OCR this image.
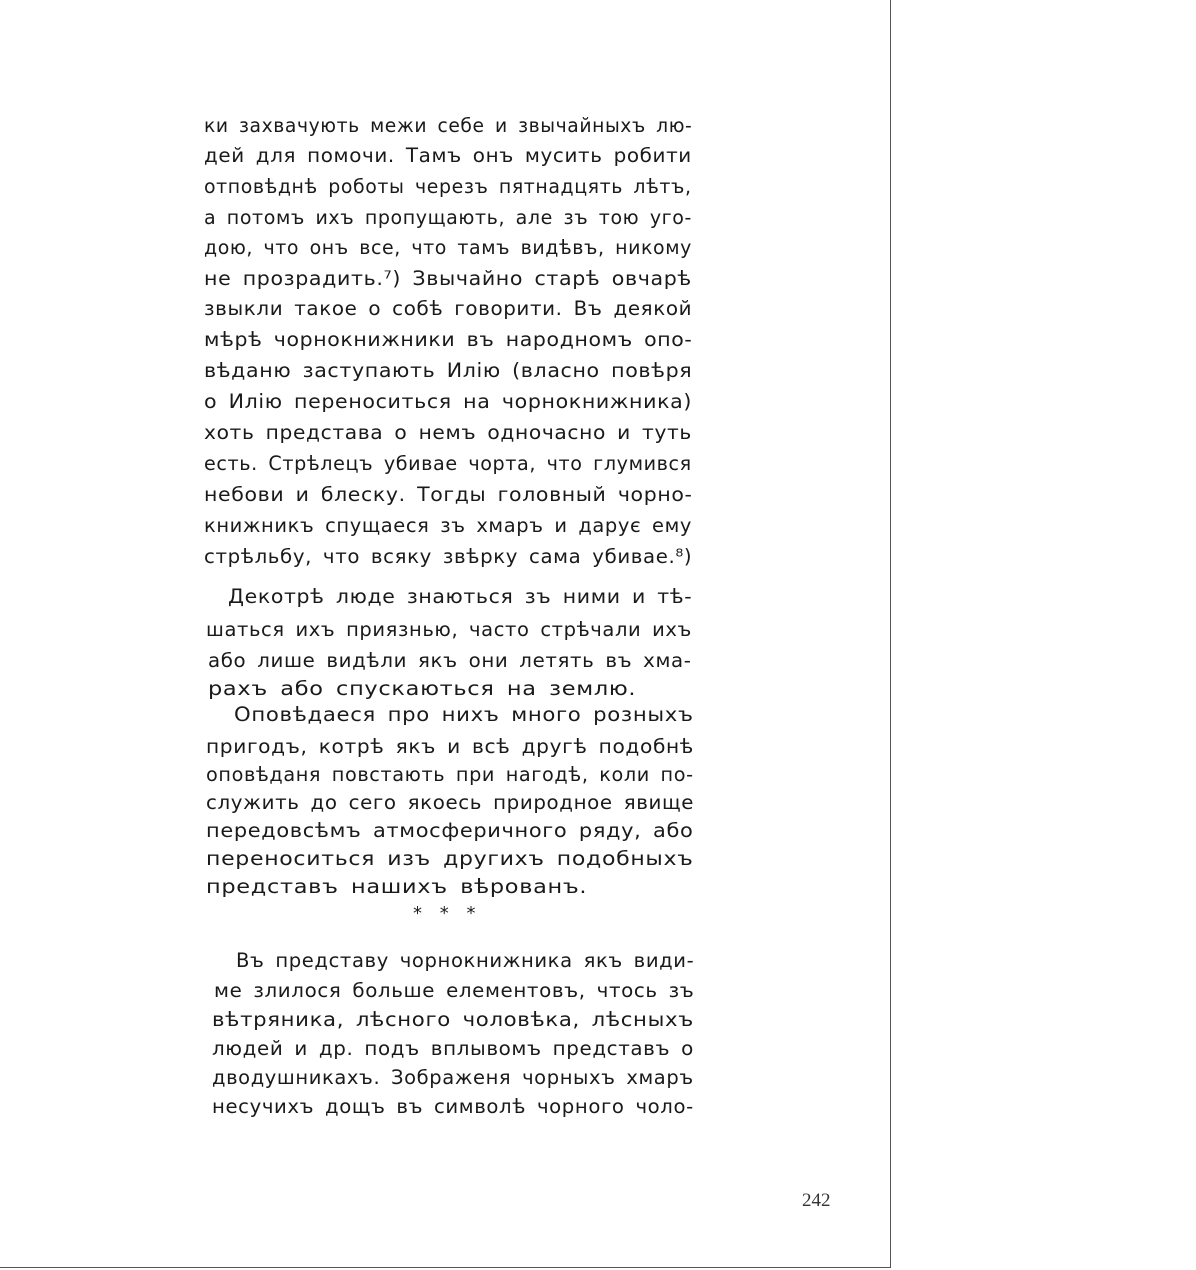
ки захвачують межи себе и звычайныхъ лю-
дей для помочи. Тамъ онъ мусить робити
отповѣднѣ роботы черезъ пятнадцять лѣтъ,
а потомъ ихъ пропущають, але зъ тою уго-
дою, что онъ все, что тамъ видѣвъ, никому
не прозрадить.⁷) Звычайно старѣ овчарѣ
звыкли такое о собѣ говорити. Въ деякой
мѣрѣ чорнокнижники въ народномъ опо-
вѣданю заступають Илiю (власно повѣря
о Илiю переноситься на чорнокнижника)
хоть представа о немъ одночасно и туть
есть. Стрѣлецъ убивае чорта, что глумився
небови и блеску. Тогды головный чорно-
книжникъ спущаеся зъ хмаръ и дарує ему
стрѣльбу, что всяку звѣрку сама убивае.⁸)
Декотрѣ люде знаються зъ ними и тѣ-
шаться ихъ приязнью, часто стрѣчали ихъ
або лише видѣли якъ они летять въ хма-
рахъ або спускаються на землю.
Оповѣдаеся про нихъ много розныхъ
пригодъ, котрѣ якъ и всѣ другѣ подобнѣ
оповѣданя повстають при нагодѣ, коли по-
служить до сего якоесь природное явище
передовсѣмъ атмосферичного ряду, або
переноситься изъ другихъ подобныхъ
представъ нашихъ вѣрованъ.
* * *
Въ представу чорнокнижника якъ види-
ме злилося больше елементовъ, чтось зъ
вѣтряника, лѣсного чоловѣка, лѣсныхъ
людей и др. подъ вплывомъ представъ о
дводушникахъ. Зображеня чорныхъ хмаръ
несучихъ дощъ въ символѣ чорного чоло-
242
